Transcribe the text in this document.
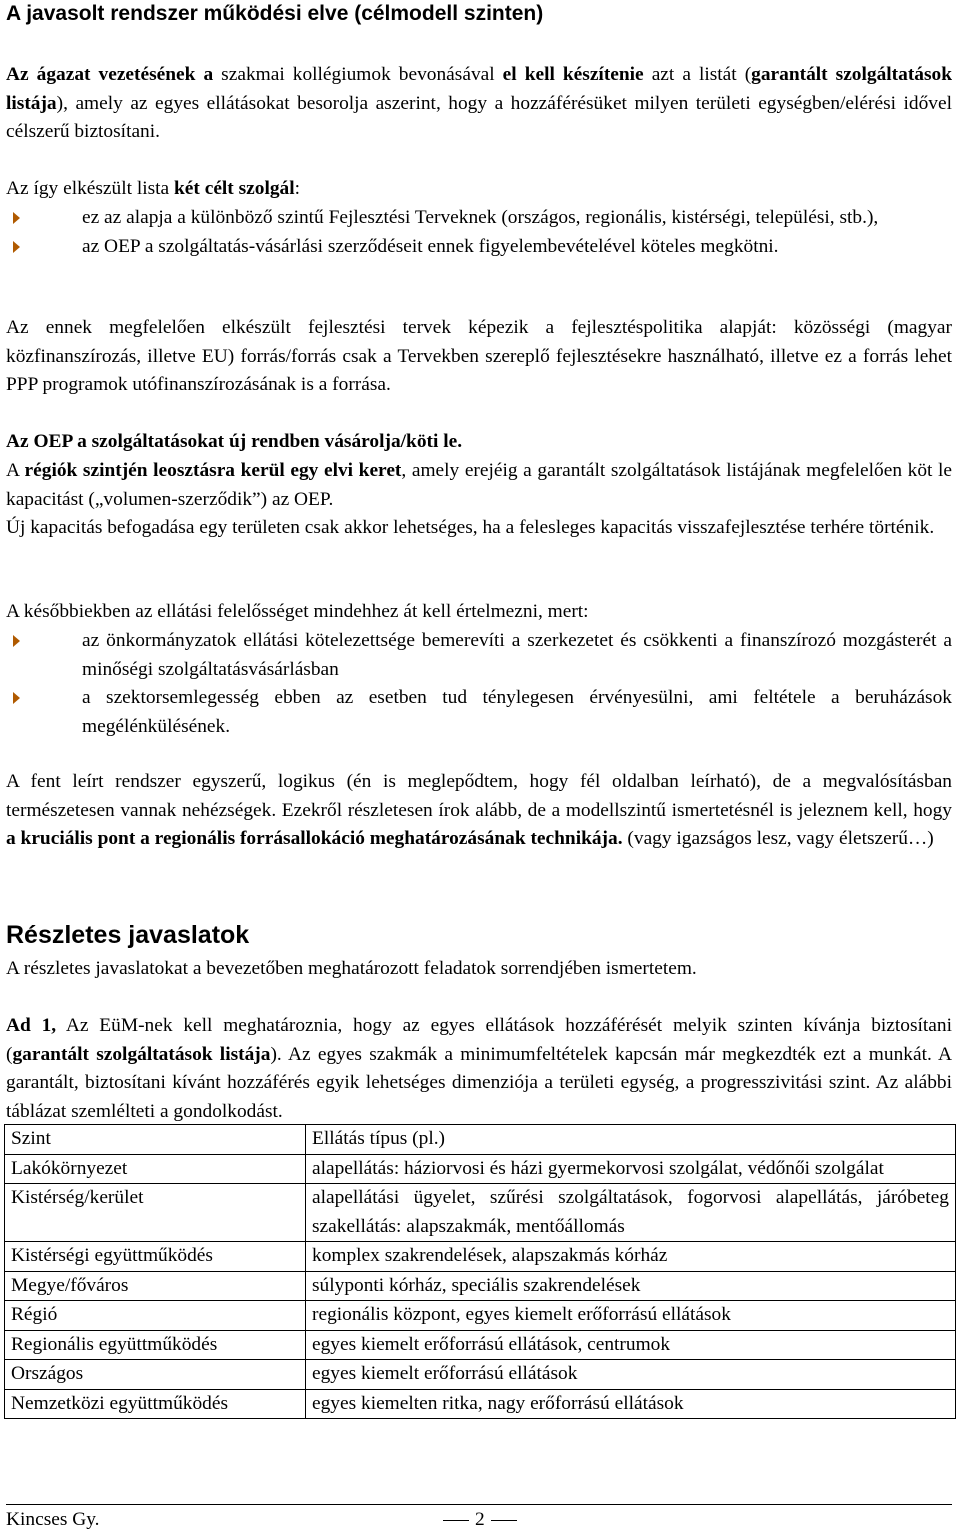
A javasolt rendszer működési elve (célmodell szinten)
Az ágazat vezetésének a szakmai kollégiumok bevonásával el kell készítenie azt a listát (garantált szolgáltatások listája), amely az egyes ellátásokat besorolja aszerint, hogy a hozzáférésüket milyen területi egységben/elérési idővel célszerű biztosítani.
Az így elkészült lista két célt szolgál:
ez az alapja a különböző szintű Fejlesztési Terveknek (országos, regionális, kistérségi, települési, stb.),
az OEP a szolgáltatás-vásárlási szerződéseit ennek figyelembevételével köteles megkötni.
Az ennek megfelelően elkészült fejlesztési tervek képezik a fejlesztéspolitika alapját: közösségi (magyar közfinanszírozás, illetve EU) forrás/forrás csak a Tervekben szereplő fejlesztésekre használható, illetve ez a forrás lehet PPP programok utófinanszírozásának is a forrása.
Az OEP a szolgáltatásokat új rendben vásárolja/köti le.
A régiók szintjén leosztásra kerül egy elvi keret, amely erejéig a garantált szolgáltatások listájának megfelelően köt le kapacitást („volumen-szerződik”) az OEP.
Új kapacitás befogadása egy területen csak akkor lehetséges, ha a felesleges kapacitás visszafejlesztése terhére történik.
A későbbiekben az ellátási felelősséget mindehhez át kell értelmezni, mert:
az önkormányzatok ellátási kötelezettsége bemerevíti a szerkezetet és csökkenti a finanszírozó mozgásterét a minőségi szolgáltatásvásárlásban
a szektorsemlegesség ebben az esetben tud ténylegesen érvényesülni, ami feltétele a beruházások megélénkülésének.
A fent leírt rendszer egyszerű, logikus (én is meglepődtem, hogy fél oldalban leírható), de a megvalósításban természetesen vannak nehézségek. Ezekről részletesen írok alább, de a modellszintű ismertetésnél is jeleznem kell, hogy a kruciális pont a regionális forrásallokáció meghatározásának technikája. (vagy igazságos lesz, vagy életszerű…)
Részletes javaslatok
A részletes javaslatokat a bevezetőben meghatározott feladatok sorrendjében ismertetem.
Ad 1, Az EüM-nek kell meghatároznia, hogy az egyes ellátások hozzáférését melyik szinten kívánja biztosítani (garantált szolgáltatások listája). Az egyes szakmák a minimumfeltételek kapcsán már megkezdték ezt a munkát. A garantált, biztosítani kívánt hozzáférés egyik lehetséges dimenziója a területi egység, a progresszivitási szint. Az alábbi táblázat szemlélteti a gondolkodást.
Szint	Ellátás típus (pl.)
Lakókörnyezet	alapellátás: háziorvosi és házi gyermekorvosi szolgálat, védőnői szolgálat
Kistérség/kerület	alapellátási ügyelet, szűrési szolgáltatások, fogorvosi alapellátás, járóbeteg szakellátás: alapszakmák, mentőállomás
Kistérségi együttműködés	komplex szakrendelések, alapszakmás kórház
Megye/főváros	súlyponti kórház, speciális szakrendelések
Régió	regionális központ, egyes kiemelt erőforrású ellátások
Regionális együttműködés	egyes kiemelt erőforrású ellátások, centrumok
Országos	egyes kiemelt erőforrású ellátások
Nemzetközi együttműködés	egyes kiemelten ritka, nagy erőforrású ellátások
Kincses Gy.	2
